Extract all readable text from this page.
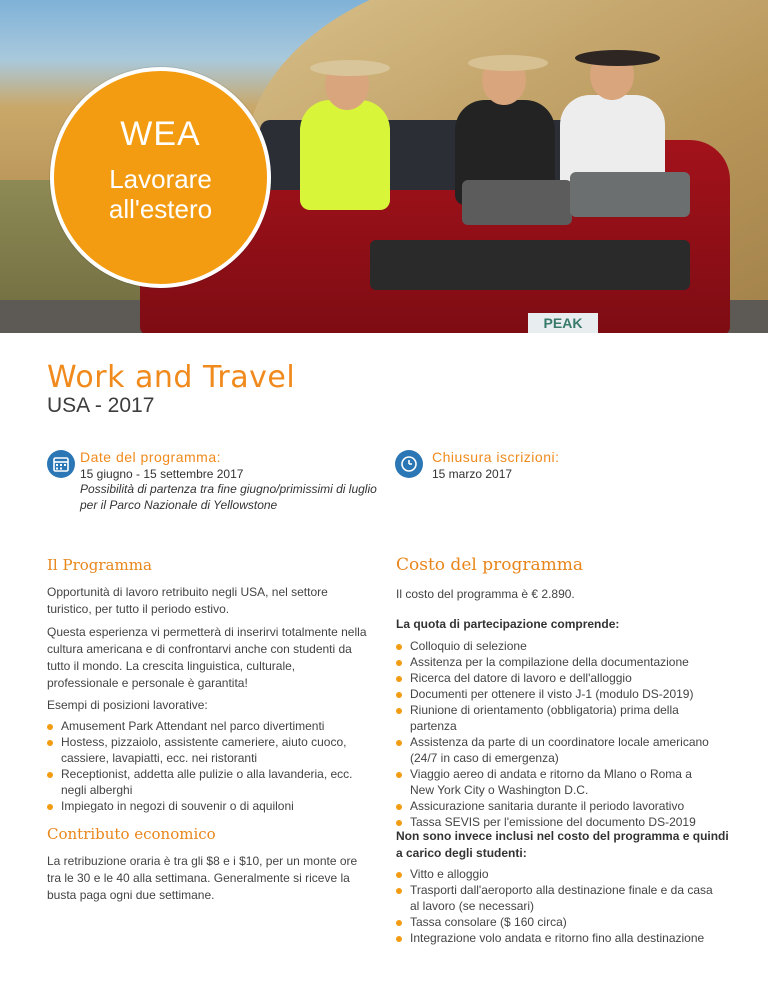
PEAK
WEA
Lavorare
all'estero
Work and Travel
USA - 2017
Date del programma:
15 giugno - 15 settembre 2017
Possibilità di partenza tra fine giugno/primissimi di luglio per il Parco Nazionale di Yellowstone
Chiusura iscrizioni:
15 marzo 2017
Il Programma
Opportunità di lavoro retribuito negli USA, nel settore turistico, per tutto il periodo estivo.
Questa esperienza vi permetterà di inserirvi totalmente nella cultura americana e di confrontarvi anche con studenti da tutto il mondo. La crescita linguistica, culturale, professionale e personale è garantita!
Esempi di posizioni lavorative:
Amusement Park Attendant nel parco divertimenti
Hostess, pizzaiolo, assistente cameriere, aiuto cuoco, cassiere, lavapiatti, ecc. nei ristoranti
Receptionist, addetta alle pulizie o alla lavanderia, ecc. negli alberghi
Impiegato in negozi di souvenir o di aquiloni
Contributo economico
La retribuzione oraria è tra gli $8 e i $10, per un monte ore tra le 30 e le 40 alla settimana. Generalmente si riceve la busta paga ogni due settimane.
Costo del programma
Il costo del programma è € 2.890.
La quota di partecipazione comprende:
Colloquio di selezione
Assitenza per la compilazione della documentazione
Ricerca del datore di lavoro e dell'alloggio
Documenti per ottenere il visto J-1 (modulo DS-2019)
Riunione di orientamento (obbligatoria) prima della partenza
Assistenza da parte di un coordinatore locale americano (24/7 in caso di emergenza)
Viaggio aereo di andata e ritorno da Mlano o Roma a New York City o Washington D.C.
Assicurazione sanitaria durante il periodo lavorativo
Tassa SEVIS per l'emissione del documento DS-2019
Non sono invece inclusi nel costo del programma e quindi a carico degli studenti:
Vitto e alloggio
Trasporti dall'aeroporto alla destinazione finale e da casa al lavoro (se necessari)
Tassa consolare ($ 160 circa)
Integrazione volo andata e ritorno fino alla destinazione
